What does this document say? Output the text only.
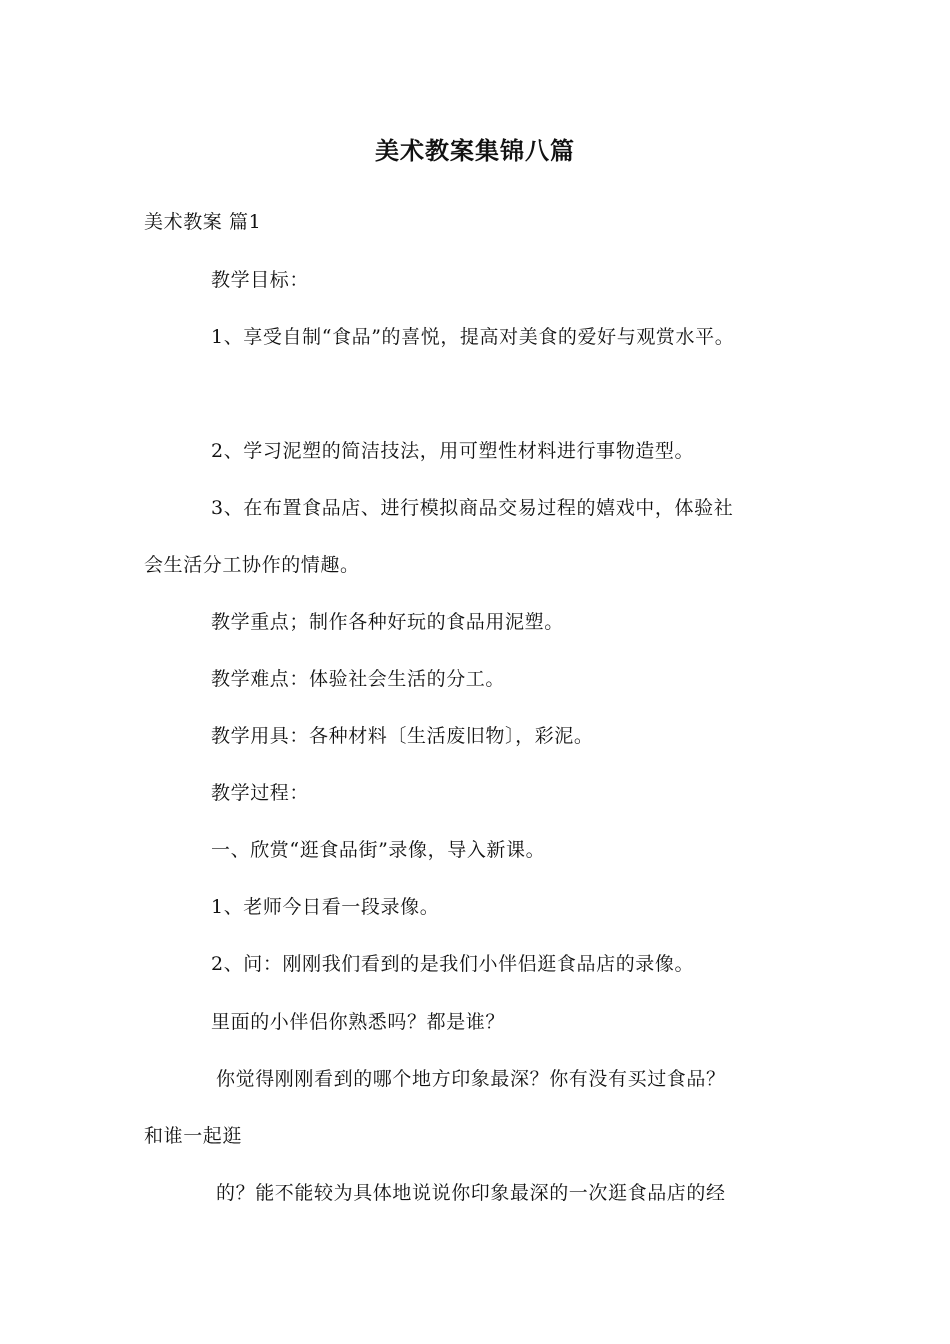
美术教案集锦八篇
美术教案 篇1
教学目标：
1、享受自制“食品”的喜悦，提高对美食的爱好与观赏水平。
2、学习泥塑的简洁技法，用可塑性材料进行事物造型。
3、在布置食品店、进行模拟商品交易过程的嬉戏中，体验社
会生活分工协作的情趣。
教学重点；制作各种好玩的食品用泥塑。
教学难点：体验社会生活的分工。
教学用具：各种材料〔生活废旧物〕，彩泥。
教学过程：
一、欣赏“逛食品街”录像，导入新课。
1、老师今日看一段录像。
2、问：刚刚我们看到的是我们小伴侣逛食品店的录像。
里面的小伴侣你熟悉吗？都是谁？
你觉得刚刚看到的哪个地方印象最深？你有没有买过食品？
和谁一起逛
的？能不能较为具体地说说你印象最深的一次逛食品店的经
